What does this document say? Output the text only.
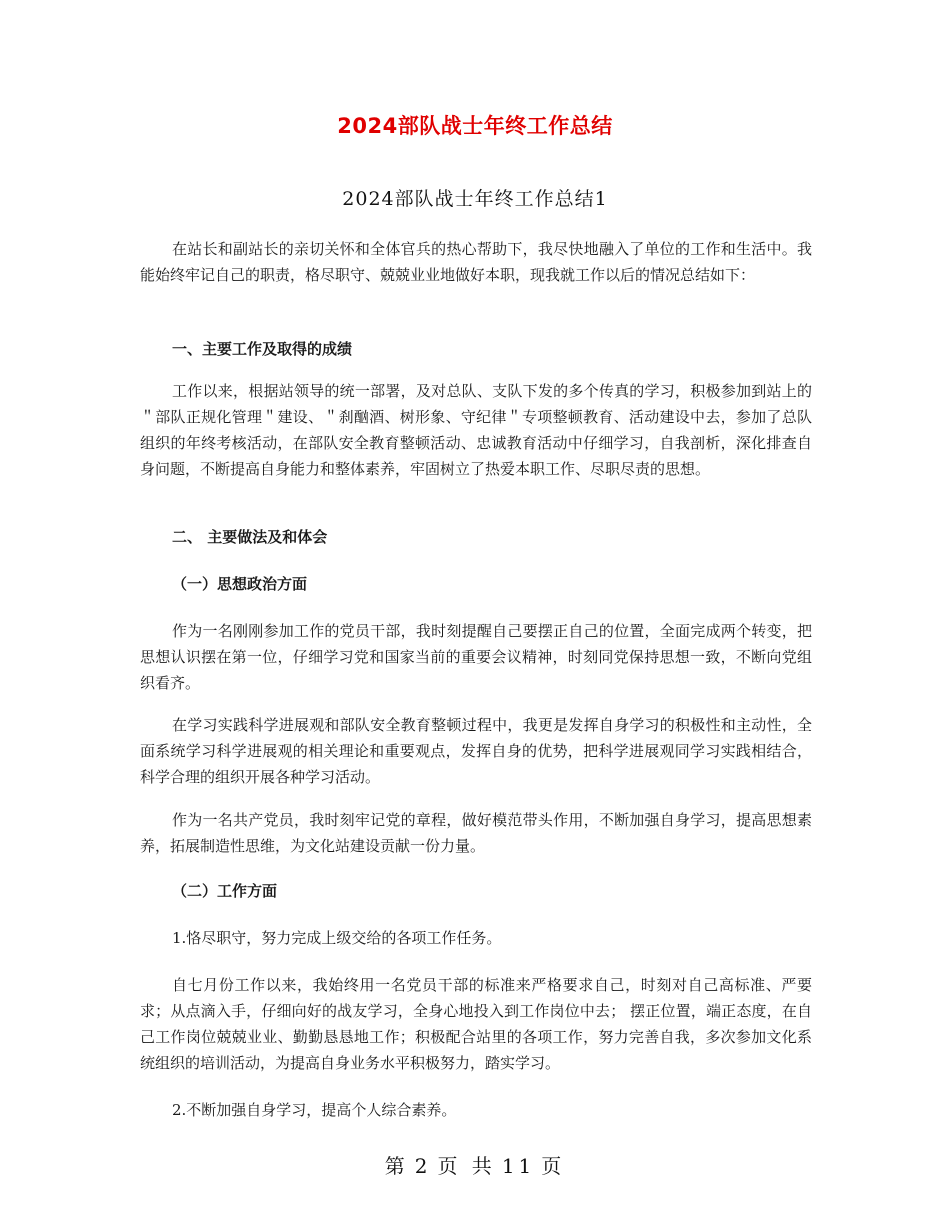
2024部队战士年终工作总结
2024部队战士年终工作总结1

在站长和副站长的亲切关怀和全体官兵的热心帮助下，我尽快地融入了单位的工作和生活中。我能始终牢记自己的职责，格尽职守、兢兢业业地做好本职，现我就工作以后的情况总结如下：

一、主要工作及取得的成绩

工作以来，根据站领导的统一部署，及对总队、支队下发的多个传真的学习，积极参加到站上的＂部队正规化管理＂建设、＂刹酗酒、树形象、守纪律＂专项整顿教育、活动建设中去，参加了总队组织的年终考核活动，在部队安全教育整顿活动、忠诚教育活动中仔细学习，自我剖析，深化排查自身问题，不断提高自身能力和整体素养，牢固树立了热爱本职工作、尽职尽责的思想。

二、 主要做法及和体会

（一）思想政治方面

作为一名刚刚参加工作的党员干部，我时刻提醒自己要摆正自己的位置，全面完成两个转变，把思想认识摆在第一位，仔细学习党和国家当前的重要会议精神，时刻同党保持思想一致，不断向党组织看齐。

在学习实践科学进展观和部队安全教育整顿过程中，我更是发挥自身学习的积极性和主动性，全面系统学习科学进展观的相关理论和重要观点，发挥自身的优势，把科学进展观同学习实践相结合，科学合理的组织开展各种学习活动。

作为一名共产党员，我时刻牢记党的章程，做好模范带头作用，不断加强自身学习，提高思想素养，拓展制造性思维，为文化站建设贡献一份力量。

（二）工作方面

1.恪尽职守，努力完成上级交给的各项工作任务。

自七月份工作以来，我始终用一名党员干部的标准来严格要求自己，时刻对自己高标准、严要求；从点滴入手，仔细向好的战友学习，全身心地投入到工作岗位中去； 摆正位置，端正态度，在自己工作岗位兢兢业业、勤勤恳恳地工作；积极配合站里的各项工作，努力完善自我，多次参加文化系统组织的培训活动，为提高自身业务水平积极努力，踏实学习。

2.不断加强自身学习，提高个人综合素养。

第 2 页 共 11 页
